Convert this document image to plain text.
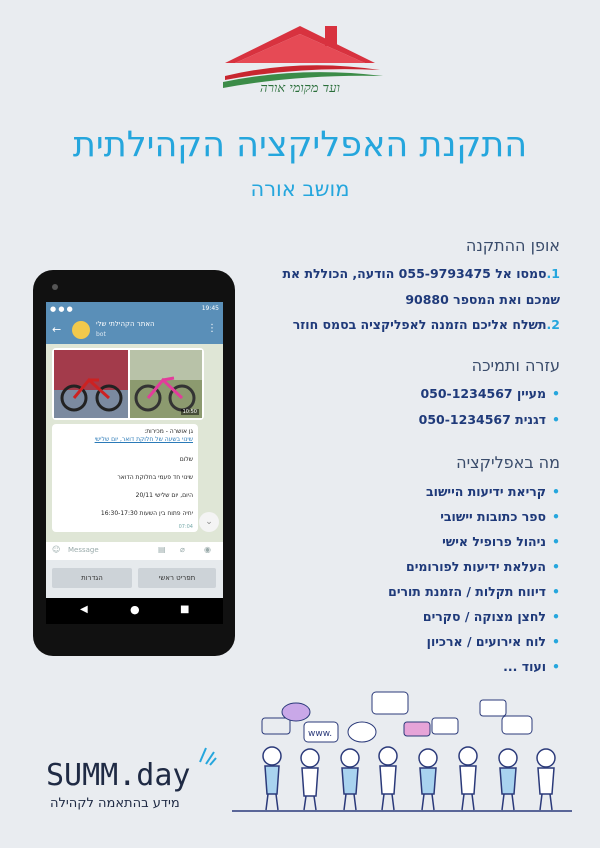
ועד מקומי אורה
התקנת האפליקציה הקהילתית
מושב אורה
אופן ההתקנה
1.סמסו אל 055-9793475 הודעה, הכוללת את
שמכם ואת המספר 90880
2.תשלח אליכם הזמנה לאפליקציה בסמס חוזר
עזרה ותמיכה
•מעיין 050-1234567
•דגנית 050-1234567
מה באפליקציה
•קריאת ידיעות היישוב
•ספר כתובות יישובי
•ניהול פרופיל אישי
•העלאת ידיעות לפורומים
•דיווח תקלות / הזמנת תורים
•לחצן מצוקה / סקרים
•לוח אירועים / ארכיון
•ועוד ...
● ● ●	19:45
←	האתר הקהילתי שלי
bot
⋮
10:50
גן אושרה - מכירות:
שינוי בשעה של חלוקת דואר, יום שלישי
שלום
שינוי חד פעמי בחלוקת הדואר
היום, יום שלישי 20/11
יחיה פתוח בין השעות 16:30-17:30
07:04	⌄
☺ Message	▤ ⌀ ◉
תפריט ראשי
הגדרות
◀	●	■
SUMM.day
מידע בהתאמה לקהילה
www.
